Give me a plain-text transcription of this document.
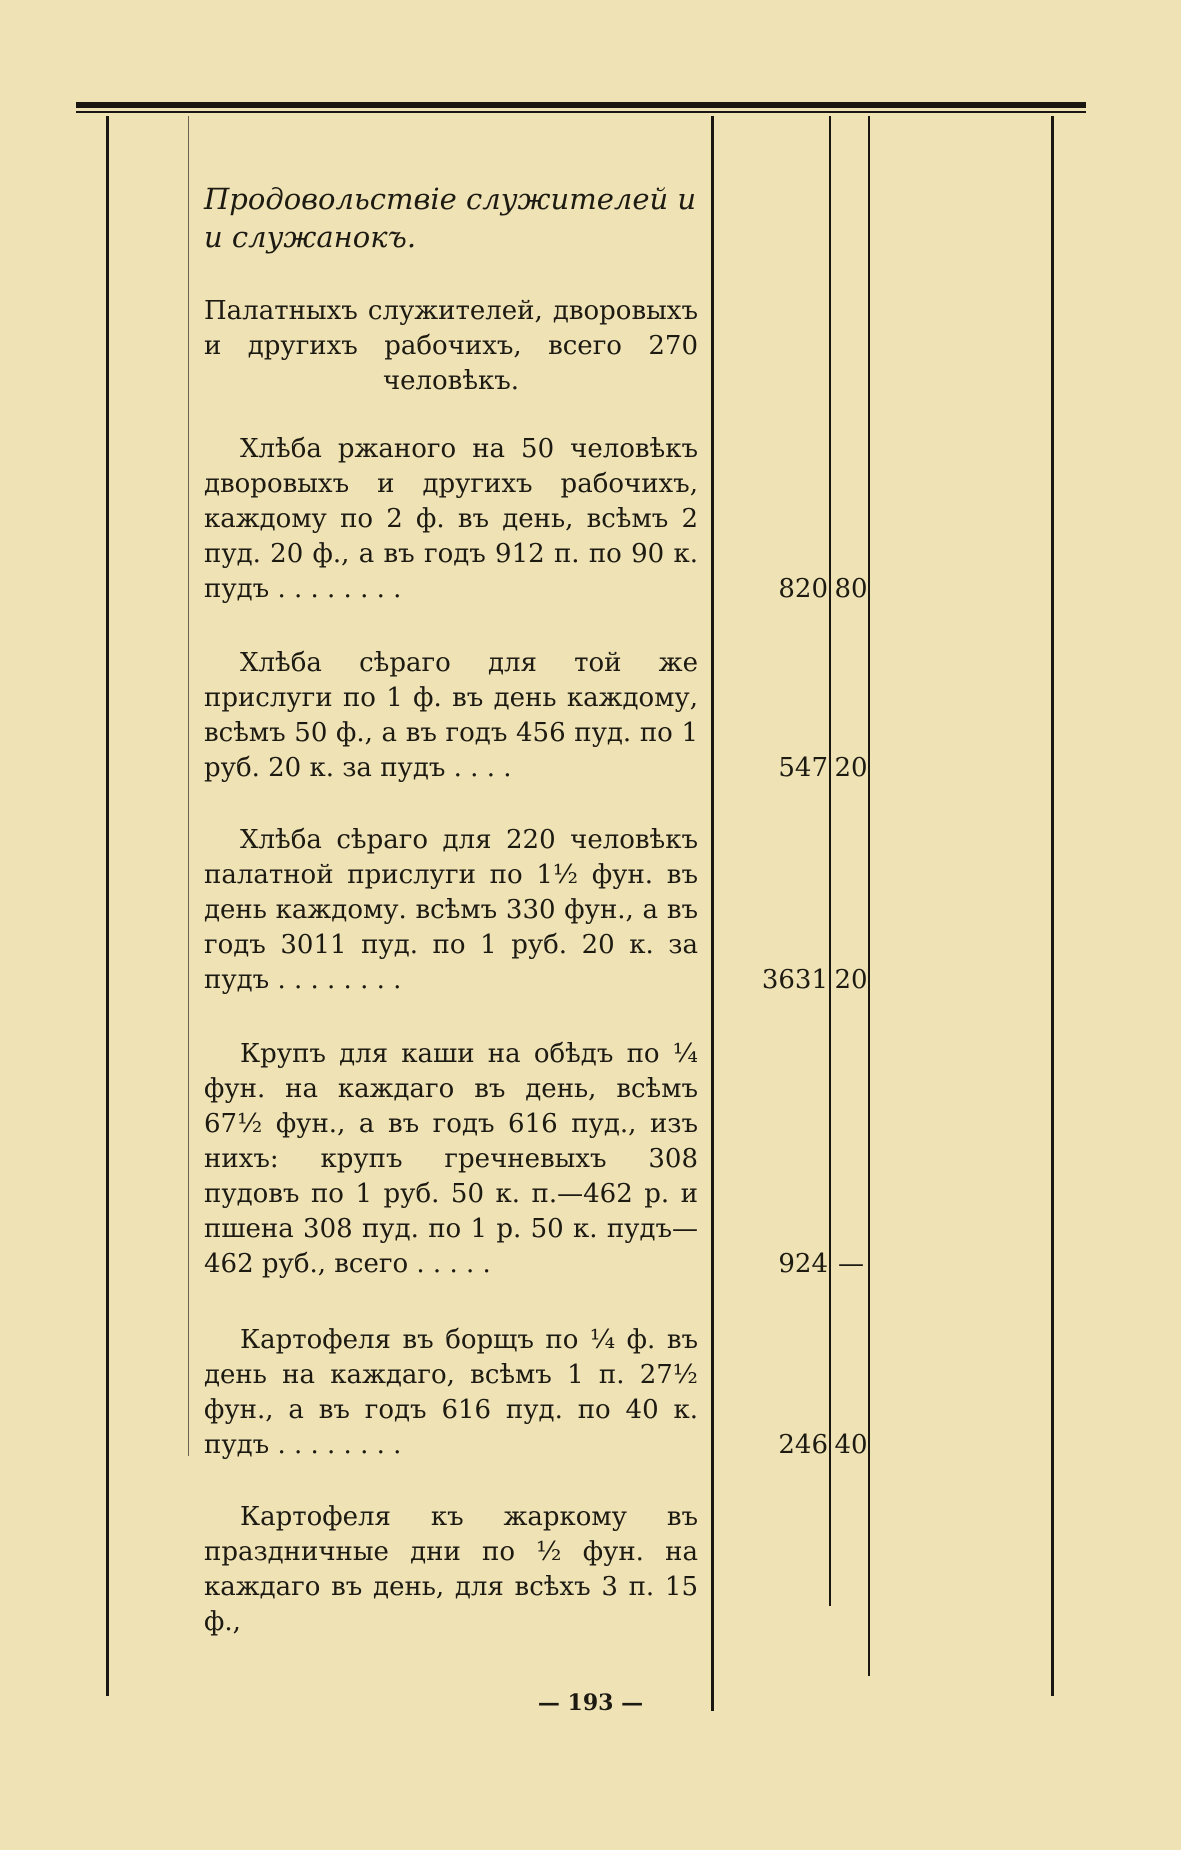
Продовольствіе служителей и
и служанокъ.

Палатныхъ служителей, дворовыхъ и другихъ рабочихъ, всего 270 человѣкъ.

Хлѣба ржаного на 50 человѣкъ дворовыхъ и другихъ рабочихъ, каждому по 2 ф. въ день, всѣмъ 2 пуд. 20 ф., а въ годъ 912 п. по 90 к. пудъ . . . . . . . .	820 80

Хлѣба сѣраго для той же прислуги по 1 ф. въ день каждому, всѣмъ 50 ф., а въ годъ 456 пуд. по 1 руб. 20 к. за пудъ . . . .	547 20

Хлѣба сѣраго для 220 человѣкъ палатной прислуги по 1½ фун. въ день каждому. всѣмъ 330 фун., а въ годъ 3011 пуд. по 1 руб. 20 к. за пудъ . . . . . . . .	3631 20

Крупъ для каши на обѣдъ по ¼ фун. на каждаго въ день, всѣмъ 67½ фун., а въ годъ 616 пуд., изъ нихъ: крупъ гречневыхъ 308 пудовъ по 1 руб. 50 к. п.—462 р. и пшена 308 пуд. по 1 р. 50 к. пудъ—462 руб., всего . . . . .	924 —

Картофеля въ борщъ по ¼ ф. въ день на каждаго, всѣмъ 1 п. 27½ фун., а въ годъ 616 пуд. по 40 к. пудъ . . . . . . . .	246 40

Картофеля къ жаркому въ праздничные дни по ½ фун. на каждаго въ день, для всѣхъ 3 п. 15 ф.,

— 193 —
